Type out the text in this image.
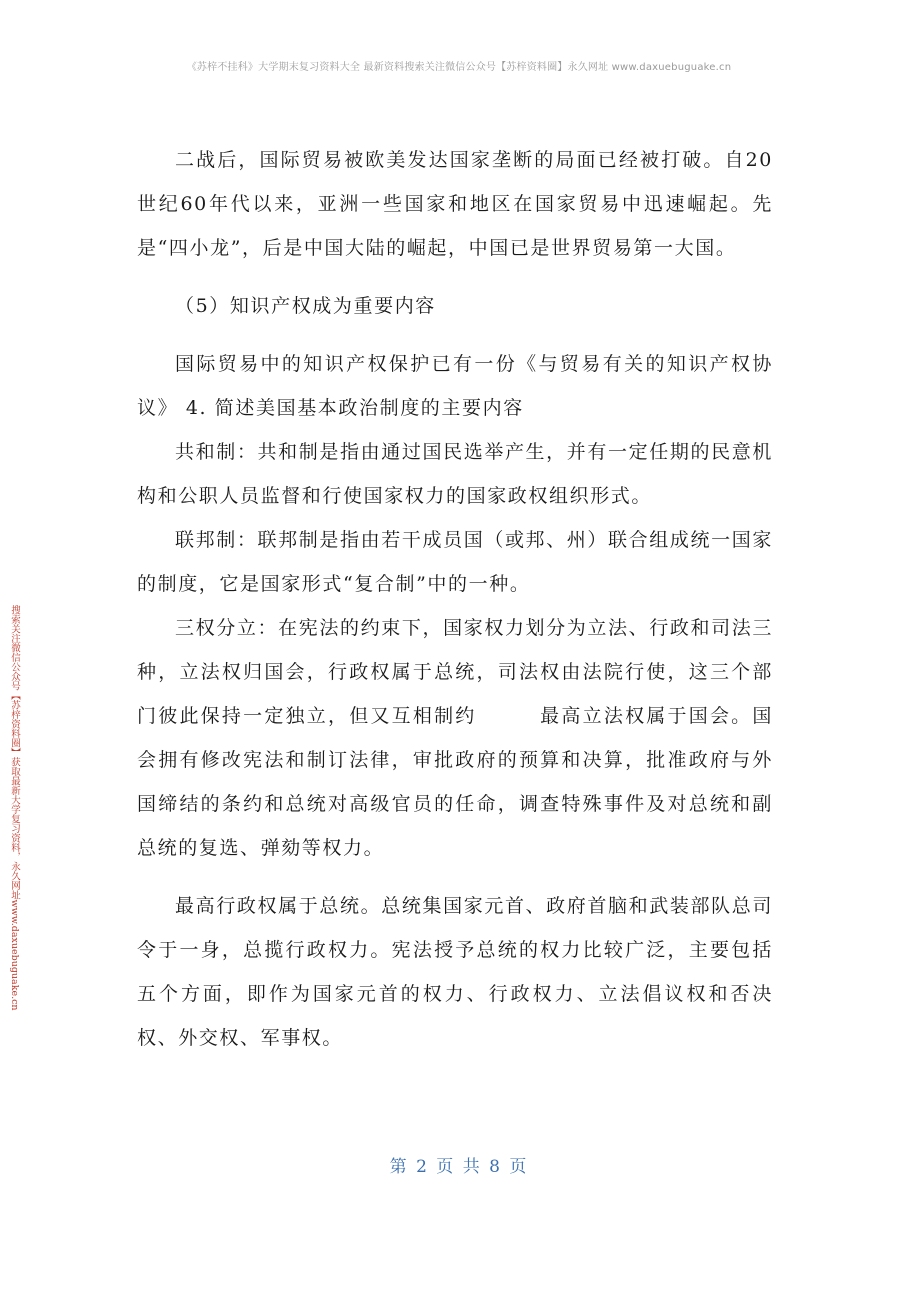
《苏梓不挂科》大学期末复习资料大全 最新资料搜索关注微信公众号【苏梓资料圈】永久网址 www.daxuebuguake.cn
搜索关注微信公众号【苏梓资料圈】获取最新大学复习资料，永久网址www.daxuebuguake.cn

二战后，国际贸易被欧美发达国家垄断的局面已经被打破。自20世纪60年代以来，亚洲一些国家和地区在国家贸易中迅速崛起。先是“四小龙”，后是中国大陆的崛起，中国已是世界贸易第一大国。

（5）知识产权成为重要内容

国际贸易中的知识产权保护已有一份《与贸易有关的知识产权协议》 4. 简述美国基本政治制度的主要内容

共和制：共和制是指由通过国民选举产生，并有一定任期的民意机构和公职人员监督和行使国家权力的国家政权组织形式。

联邦制：联邦制是指由若干成员国（或邦、州）联合组成统一国家的制度，它是国家形式“复合制”中的一种。

三权分立：在宪法的约束下，国家权力划分为立法、行政和司法三种，立法权归国会，行政权属于总统，司法权由法院行使，这三个部门彼此保持一定独立，但又互相制约　　　最高立法权属于国会。国会拥有修改宪法和制订法律，审批政府的预算和决算，批准政府与外国缔结的条约和总统对高级官员的任命，调查特殊事件及对总统和副总统的复选、弹劾等权力。

最高行政权属于总统。总统集国家元首、政府首脑和武装部队总司令于一身，总揽行政权力。宪法授予总统的权力比较广泛，主要包括五个方面，即作为国家元首的权力、行政权力、立法倡议权和否决权、外交权、军事权。

第 2 页 共 8 页
